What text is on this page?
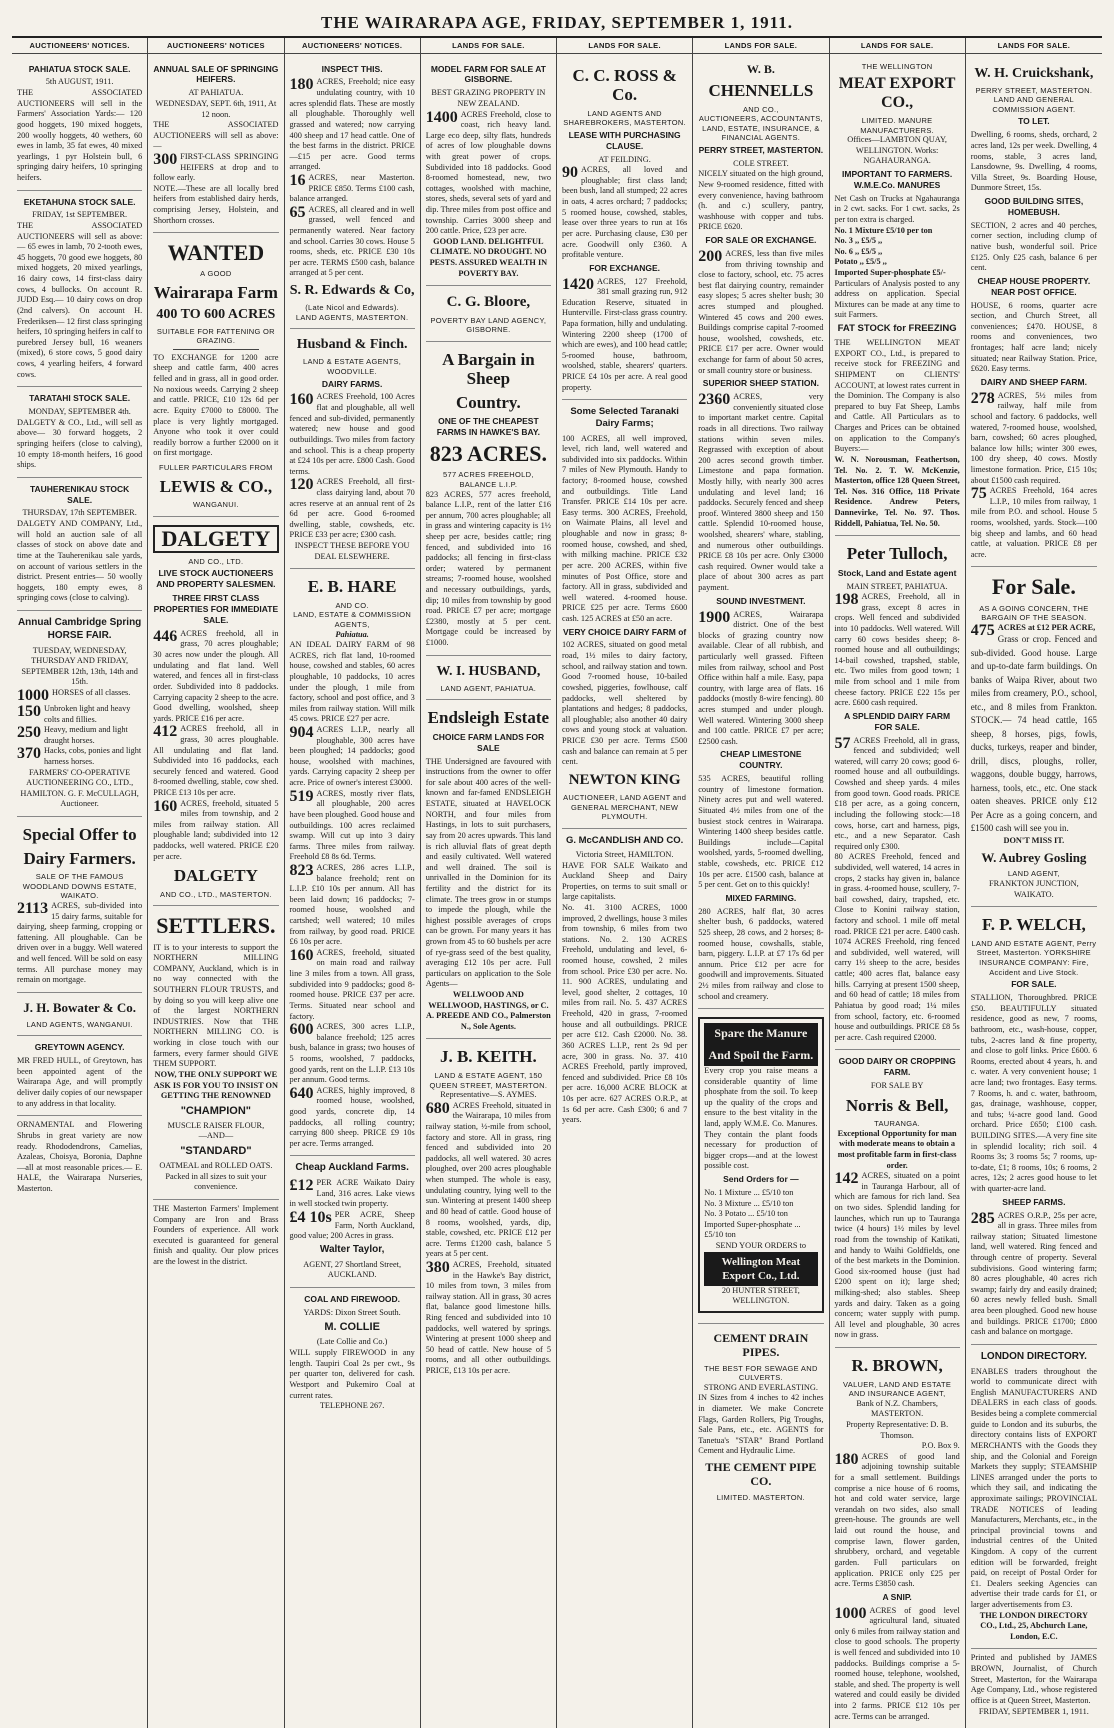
THE WAIRARAPA AGE, FRIDAY, SEPTEMBER 1, 1911.
AUCTIONEERS' NOTICES.
PAHIATUA STOCK SALE.
5th AUGUST, 1911.
THE ASSOCIATED AUCTIONEERS will sell in the Farmers' Association Yards:— 120 good hoggets, 190 mixed hoggets, 200 woolly hoggets, 40 wethers, 60 ewes in lamb, 35 fat ewes, 40 mixed yearlings, 1 pyr Holstein bull, 6 springing dairy heifers, 10 springing heifers.
EKETAHUNA STOCK SALE.
FRIDAY, 1st SEPTEMBER.
THE ASSOCIATED AUCTIONEERS will sell as above:— 65 ewes in lamb, 70 2-tooth ewes, 45 hoggets, 70 good ewe hoggets, 80 mixed hoggets, 20 mixed yearlings, 16 dairy cows, 14 first-class dairy cows, 4 bullocks. On account R. JUDD Esq.— 10 dairy cows on drop (2nd calvers). On account H. Frederiksen— 12 first class springing heifers, 10 springing heifers in calf to purebred Jersey bull, 16 weaners (mixed), 6 store cows, 5 good dairy cows, 4 yearling heifers, 4 forward cows.
TARATAHI STOCK SALE.
MONDAY, SEPTEMBER 4th.
DALGETY & CO., Ltd., will sell as above— 30 forward hoggets, 2 springing heifers (close to calving), 10 empty 18-month heifers, 16 good ships.
TAUHERENIKAU STOCK SALE.
THURSDAY, 17th SEPTEMBER.
DALGETY AND COMPANY, Ltd., will hold an auction sale of all classes of stock on above date and time at the Tauherenikau sale yards, on account of various settlers in the district. Present entries— 50 woolly hoggets, 180 empty ewes, 8 springing cows (close to calving).
Annual Cambridge Spring HORSE FAIR.
TUESDAY, WEDNESDAY, THURSDAY AND FRIDAY, SEPTEMBER 12th, 13th, 14th and 15th.
1000 HORSES of all classes.
150 Unbroken light and heavy colts and fillies.
250 Heavy, medium and light draught horses.
370 Hacks, cobs, ponies and light harness horses.
FARMERS' CO-OPERATIVE AUCTIONEERING CO., LTD., HAMILTON. G. F. McCULLAGH, Auctioneer.
Special Offer to
Dairy Farmers.
SALE OF THE FAMOUS WOODLAND DOWNS ESTATE, WAIKATO.
2113 ACRES, sub-divided into 15 dairy farms, suitable for dairying, sheep farming, cropping or fattening. All ploughable. Can be driven over in a buggy. Well watered and well fenced. Will be sold on easy terms. All purchase money may remain on mortgage.
J. H. Bowater & Co.
LAND AGENTS, WANGANUI.
GREYTOWN AGENCY.
MR FRED HULL, of Greytown, has been appointed agent of the Wairarapa Age, and will promptly deliver daily copies of our newspaper to any address in that locality.
ORNAMENTAL and Flowering Shrubs in great variety are now ready. Rhododendrons, Camelias, Azaleas, Choisya, Boronia, Daphne—all at most reasonable prices.— E. HALE, the Wairarapa Nurseries, Masterton.
AUCTIONEERS' NOTICES
ANNUAL SALE OF SPRINGING HEIFERS.
AT PAHIATUA.
WEDNESDAY, SEPT. 6th, 1911, At 12 noon.
THE ASSOCIATED AUCTIONEERS will sell as above:—
300 FIRST-CLASS SPRINGING HEIFERS at drop and to follow early.
NOTE.—These are all locally bred heifers from established dairy herds, comprising Jersey, Holstein, and Shorthorn crosses.
WANTED
A GOOD
Wairarapa Farm
400 TO 600 ACRES
SUITABLE FOR FATTENING OR GRAZING.
TO EXCHANGE for 1200 acre sheep and cattle farm, 400 acres felled and in grass, all in good order. No noxious weeds. Carrying 2 sheep and cattle. PRICE, £10 12s 6d per acre. Equity £7000 to £8000. The place is very lightly mortgaged. Anyone who took it over could readily borrow a further £2000 on it on first mortgage.
FULLER PARTICULARS FROM
LEWIS & CO.,
WANGANUI.
DALGETY
AND CO., LTD.
LIVE STOCK AUCTIONEERS AND PROPERTY SALESMEN.
THREE FIRST CLASS PROPERTIES FOR IMMEDIATE SALE.
446 ACRES freehold, all in grass, 70 acres ploughable; 30 acres now under the plough. All undulating and flat land. Well watered, and fences all in first-class order. Subdivided into 8 paddocks. Carrying capacity 2 sheep to the acre. Good dwelling, woolshed, sheep yards. PRICE £16 per acre.
412 ACRES freehold, all in grass, 30 acres ploughable. All undulating and flat land. Subdivided into 16 paddocks, each securely fenced and watered. Good 8-roomed dwelling, stable, cow shed. PRICE £13 10s per acre.
160 ACRES, freehold, situated 5 miles from township, and 2 miles from railway station. All ploughable land; subdivided into 12 paddocks, well watered. PRICE £20 per acre.
DALGETY
AND CO., LTD., MASTERTON.
SETTLERS.
IT is to your interests to support the NORTHERN MILLING COMPANY, Auckland, which is in no way connected with the SOUTHERN FLOUR TRUSTS, and by doing so you will keep alive one of the largest NORTHERN INDUSTRIES. Now that THE NORTHERN MILLING CO. is working in close touch with our farmers, every farmer should GIVE THEM SUPPORT.
NOW, THE ONLY SUPPORT WE ASK IS FOR YOU TO INSIST ON GETTING THE RENOWNED
"CHAMPION"
MUSCLE RAISER FLOUR,
—AND—
"STANDARD"
OATMEAL and ROLLED OATS.
Packed in all sizes to suit your convenience.
THE Masterton Farmers' Implement Company are Iron and Brass Founders of experience. All work executed is guaranteed for general finish and quality. Our plow prices are the lowest in the district.
AUCTIONEERS' NOTICES.
INSPECT THIS.
180 ACRES, Freehold; nice easy undulating country, with 10 acres splendid flats. These are mostly all ploughable. Thoroughly well grassed and watered; now carrying 400 sheep and 17 head cattle. One of the best farms in the district. PRICE—£15 per acre. Good terms arranged.
16 ACRES, near Masterton. PRICE £850. Terms £100 cash, balance arranged.
65 ACRES, all cleared and in well grassed, well fenced and permanently watered. Near factory and school. Carries 30 cows. House 5 rooms, sheds, etc. PRICE £30 10s per acre. TERMS £500 cash, balance arranged at 5 per cent.
S. R. Edwards & Co,
(Late Nicol and Edwards).
LAND AGENTS, MASTERTON.
Husband & Finch.
LAND & ESTATE AGENTS, WOODVILLE.
DAIRY FARMS.
160 ACRES Freehold, 100 Acres flat and ploughable, all well fenced and sub-divided, permanently watered; new house and good outbuildings. Two miles from factory and school. This is a cheap property at £24 10s per acre. £800 Cash. Good terms.
120 ACRES Freehold, all first-class dairying land, about 70 acres reserve at an annual rent of 2s 6d per acre. Good 6-roomed dwelling, stable, cowsheds, etc. PRICE £33 per acre; £300 cash.
INSPECT THESE BEFORE YOU DEAL ELSEWHERE.
E. B. HARE
AND CO.
LAND, ESTATE & COMMISSION AGENTS,
Pahiatua.
AN IDEAL DAIRY FARM of 98 ACRES, rich flat land, 10-roomed house, cowshed and stables, 60 acres ploughable, 10 paddocks, 10 acres under the plough, 1 mile from factory, school and post office, and 3 miles from railway station. Will milk 45 cows. PRICE £27 per acre.
904 ACRES L.I.P., nearly all ploughable, 300 acres have been ploughed; 14 paddocks; good house, woolshed with machines, yards. Carrying capacity 2 sheep per acre. Price of owner's interest £3000.
519 ACRES, mostly river flats, all ploughable, 200 acres have been ploughed. Good house and outbuildings. 100 acres reclaimed swamp. Will cut up into 3 dairy farms. Three miles from railway. Freehold £8 8s 6d. Terms.
823 ACRES, 286 acres L.I.P., balance freehold; rent on L.I.P. £10 10s per annum. All has been laid down; 16 paddocks; 7-roomed house, woolshed and cartshed; well watered; 10 miles from railway, by good road. PRICE £6 10s per acre.
160 ACRES, freehold, situated on main road and railway line 3 miles from a town. All grass, subdivided into 9 paddocks; good 8-roomed house. PRICE £37 per acre. Terms. Situated near school and factory.
600 ACRES, 300 acres L.I.P., balance freehold; 125 acres bush, balance in grass; two houses of 5 rooms, woolshed, 7 paddocks, good yards, rent on the L.I.P. £13 10s per annum. Good terms.
640 ACRES, highly improved, 8 roomed house, woolshed, good yards, concrete dip, 14 paddocks, all rolling country; carrying 800 sheep. PRICE £9 10s per acre. Terms arranged.
Cheap Auckland Farms.
£12 PER ACRE Waikato Dairy Land, 316 acres. Lake views in well stocked twin property.
£4 10s PER ACRE, Sheep Farm, North Auckland, good value; 200 Acres in grass.
Walter Taylor,
AGENT, 27 Shortland Street, AUCKLAND.
COAL AND FIREWOOD.
YARDS: Dixon Street South.
M. COLLIE
(Late Collie and Co.)
WILL supply FIREWOOD in any length. Taupiri Coal 2s per cwt., 9s per quarter ton, delivered for cash. Westport and Pukemiro Coal at current rates.
TELEPHONE 267.
LANDS FOR SALE.
MODEL FARM FOR SALE AT GISBORNE.
BEST GRAZING PROPERTY IN NEW ZEALAND.
1400 ACRES Freehold, close to coast, rich heavy land. Large eco deep, silty flats, hundreds of acres of low ploughable downs with great power of crops. Subdivided into 18 paddocks. Good 8-roomed homestead, new, two cottages, woolshed with machine, stores, sheds, several sets of yard and dip. Three miles from post office and township. Carries 3000 sheep and 200 cattle. Price, £23 per acre.
GOOD LAND. DELIGHTFUL CLIMATE. NO DROUGHT. NO PESTS. ASSURED WEALTH IN POVERTY BAY.
C. G. Bloore,
POVERTY BAY LAND AGENCY, GISBORNE.
A Bargain in Sheep
Country.
ONE OF THE CHEAPEST FARMS IN HAWKE'S BAY.
823 ACRES.
577 ACRES FREEHOLD, BALANCE L.I.P.
823 ACRES, 577 acres freehold, balance L.I.P., rent of the latter £16 per annum, 700 acres ploughable; all in grass and wintering capacity is 1½ sheep per acre, besides cattle; ring fenced, and subdivided into 16 paddocks; all fencing in first-class order; watered by permanent streams; 7-roomed house, woolshed and necessary outbuildings, yards, dip; 10 miles from township by good road. PRICE £7 per acre; mortgage £2380, mostly at 5 per cent. Mortgage could be increased by £1000.
W. I. HUSBAND,
LAND AGENT, PAHIATUA.
Endsleigh Estate
CHOICE FARM LANDS FOR SALE
THE Undersigned are favoured with instructions from the owner to offer for sale about 400 acres of the well-known and far-famed ENDSLEIGH ESTATE, situated at HAVELOCK NORTH, and four miles from Hastings, in lots to suit purchasers, say from 20 acres upwards. This land is rich alluvial flats of great depth and easily cultivated. Well watered and well drained. The soil is unrivalled in the Dominion for its fertility and the district for its climate. The trees grow in or stumps to impede the plough, while the highest possible averages of crops can be grown. For many years it has grown from 45 to 60 bushels per acre of rye-grass seed of the best quality, averaging £12 10s per acre. Full particulars on application to the Sole Agents—
WELLWOOD AND WELLWOOD, HASTINGS, or C. A. PREEDE AND CO., Palmerston N., Sole Agents.
J. B. KEITH.
LAND & ESTATE AGENT, 150 QUEEN STREET, MASTERTON.
Representative—S. AYMES.
680 ACRES Freehold, situated in the Wairarapa, 10 miles from railway station, ½-mile from school, factory and store. All in grass, ring fenced and subdivided into 20 paddocks, all well watered. 30 acres ploughed, over 200 acres ploughable when stumped. The whole is easy, undulating country, lying well to the sun. Wintering at present 1400 sheep and 80 head of cattle. Good house of 8 rooms, woolshed, yards, dip, stable, cowshed, etc. PRICE £12 per acre. Terms £1200 cash, balance 5 years at 5 per cent.
380 ACRES, Freehold, situated in the Hawke's Bay district, 10 miles from town, 3 miles from railway station. All in grass, 30 acres flat, balance good limestone hills. Ring fenced and subdivided into 10 paddocks, well watered by springs. Wintering at present 1000 sheep and 50 head of cattle. New house of 5 rooms, and all other outbuildings. PRICE, £13 10s per acre.
LANDS FOR SALE.
C. C. ROSS & Co.
LAND AGENTS AND SHAREBROKERS, MASTERTON.
LEASE WITH PURCHASING CLAUSE.
AT FEILDING.
90 ACRES, all loved and ploughable; first class land; been bush, land all stumped; 22 acres in oats, 4 acres orchard; 7 paddocks; 5 roomed house, cowshed, stables, lease over three years to run at 16s per acre. Purchasing clause, £30 per acre. Goodwill only £360. A profitable venture.
FOR EXCHANGE.
1420 ACRES, 127 Freehold, 381 small grazing run, 912 Education Reserve, situated in Hunterville. First-class grass country. Papa formation, hilly and undulating. Wintering 2200 sheep (1700 of which are ewes), and 100 head cattle; 5-roomed house, bathroom, woolshed, stable, shearers' quarters. PRICE £4 10s per acre. A real good property.
Some Selected Taranaki Dairy Farms;
100 ACRES, all well improved, level, rich land, well watered and subdivided into six paddocks. Within 7 miles of New Plymouth. Handy to factory; 8-roomed house, cowshed and outbuildings. Title Land Transfer. PRICE £14 10s per acre. Easy terms. 300 ACRES, Freehold, on Waimate Plains, all level and ploughable and now in grass; 8-roomed house, cowshed, and shed, with milking machine. PRICE £32 per acre. 200 ACRES, within five minutes of Post Office, store and factory. All in grass, subdivided and well watered. 4-roomed house. PRICE £25 per acre. Terms £600 cash. 125 ACRES at £50 an acre.
VERY CHOICE DAIRY FARM of
102 ACRES, situated on good metal road, 1½ miles to dairy factory, school, and railway station and town. Good 7-roomed house, 10-bailed cowshed, piggeries, fowlhouse, calf paddocks, well sheltered by plantations and hedges; 8 paddocks, all ploughable; also another 40 dairy cows and young stock at valuation. PRICE £30 per acre. Terms £500 cash and balance can remain at 5 per cent.
NEWTON KING
AUCTIONEER, LAND AGENT and GENERAL MERCHANT, NEW PLYMOUTH.
G. McCANDLISH AND CO.
Victoria Street, HAMILTON.
HAVE FOR SALE Waikato and Auckland Sheep and Dairy Properties, on terms to suit small or large capitalists.
No. 41. 3100 ACRES, 1000 improved, 2 dwellings, house 3 miles from township, 6 miles from two stations. No. 2. 130 ACRES Freehold, undulating and level, 6-roomed house, cowshed, 2 miles from school. Price £30 per acre. No. 11. 900 ACRES, undulating and level, good shelter, 2 cottages, 10 miles from rail. No. 5. 437 ACRES Freehold, 420 in grass, 7-roomed house and all outbuildings. PRICE per acre £12. Cash £2000. No. 38. 360 ACRES L.I.P., rent 2s 9d per acre, 300 in grass. No. 37. 410 ACRES Freehold, partly improved, fenced and subdivided. Price £8 10s per acre. 16,000 ACRE BLOCK at 10s per acre. 627 ACRES O.R.P., at 1s 6d per acre. Cash £300; 6 and 7 years.
LANDS FOR SALE.
W. B.
CHENNELLS
AND CO.,
AUCTIONEERS, ACCOUNTANTS, LAND, ESTATE, INSURANCE, & FINANCIAL AGENTS.
PERRY STREET, MASTERTON.
COLE STREET.
NICELY situated on the high ground, New 9-roomed residence, fitted with every convenience, having bathroom (h. and c.) scullery, pantry, washhouse with copper and tubs. PRICE £620.
FOR SALE OR EXCHANGE.
200 ACRES, less than five miles from thriving township and close to factory, school, etc. 75 acres best flat dairying country, remainder easy slopes; 5 acres shelter bush; 30 acres stumped and ploughed. Wintered 45 cows and 200 ewes. Buildings comprise capital 7-roomed house, woolshed, cowsheds, etc. PRICE £17 per acre. Owner would exchange for farm of about 50 acres, or small country store or business.
SUPERIOR SHEEP STATION.
2360 ACRES, very conveniently situated close to important market centre. Capital roads in all directions. Two railway stations within seven miles. Regrassed with exception of about 200 acres second growth timber. Limestone and papa formation. Mostly hilly, with nearly 300 acres undulating and level land; 16 paddocks. Securely fenced and sheep proof. Wintered 3800 sheep and 150 cattle. Splendid 10-roomed house, woolshed, shearers' whare, stabling, and numerous other outbuildings. PRICE £8 10s per acre. Only £3000 cash required. Owner would take a place of about 300 acres as part payment.
SOUND INVESTMENT.
1900 ACRES, Wairarapa district. One of the best blocks of grazing country now available. Clear of all rubbish, and particularly well grassed. Fifteen miles from railway, school and Post Office within half a mile. Easy, papa country, with large area of flats. 16 paddocks (mostly 8-wire fencing). 80 acres stumped and under plough. Well watered. Wintering 3000 sheep and 100 cattle. PRICE £7 per acre; £2500 cash.
CHEAP LIMESTONE COUNTRY.
535 ACRES, beautiful rolling country of limestone formation. Ninety acres put and well watered. Situated 4½ miles from one of the busiest stock centres in Wairarapa. Wintering 1400 sheep besides cattle. Buildings include—Capital woolshed, yards, 5-roomed dwelling, stable, cowsheds, etc. PRICE £12 10s per acre. £1500 cash, balance at 5 per cent. Get on to this quickly!
MIXED FARMING.
280 ACRES, half flat, 30 acres shelter bush, 6 paddocks, watered 525 sheep, 28 cows, and 2 horses; 8-roomed house, cowshalls, stable, barn, piggery. L.I.P. at £7 17s 6d per annum. Price £12 per acre for goodwill and improvements. Situated 2½ miles from railway and close to school and creamery.
Spare the Manure
And Spoil the Farm.
Every crop you raise means a considerable quantity of lime phosphate from the soil. To keep up the quality of the crops and ensure to the best vitality in the land, apply W.M.E. Co. Manures. They contain the plant foods necessary for production of bigger crops—and at the lowest possible cost.
Send Orders for —
No. 1 Mixture ... £5/10 ton
No. 3 Mixture ... £5/10 ton
No. 3 Potato ... £5/10 ton
Imported Super-phosphate ... £5/10 ton
SEND YOUR ORDERS to
Wellington Meat Export Co., Ltd.
20 HUNTER STREET, WELLINGTON.
CEMENT DRAIN PIPES.
THE BEST FOR SEWAGE AND CULVERTS.
STRONG AND EVERLASTING.
IN Sizes from 4 inches to 42 inches in diameter. We make Concrete Flags, Garden Rollers, Pig Troughs, Sale Pans, etc., etc. AGENTS for Tanetua's "STAR" Brand Portland Cement and Hydraulic Lime.
THE CEMENT PIPE CO.
LIMITED. MASTERTON.
LANDS FOR SALE.
THE WELLINGTON
MEAT EXPORT CO.,
LIMITED. MANURE MANUFACTURERS.
Offices—LAMBTON QUAY, WELLINGTON. Works: NGAHAURANGA.
IMPORTANT TO FARMERS. W.M.E.Co. MANURES
Net Cash on Trucks at Ngahauranga in 2 cwt. sacks. For 1 cwt. sacks, 2s per ton extra is charged.
No. 1 Mixture £5/10 per ton
No. 3 ,, £5/5 ,,
No. 6 ,, £5/5 ,,
Potato ,, £5/5 ,,
Imported Super-phosphate £5/-
Particulars of Analysis posted to any address on application. Special Mixtures can be made at any time to suit Farmers.
FAT STOCK for FREEZING
THE WELLINGTON MEAT EXPORT CO., Ltd., is prepared to receive stock for FREEZING and SHIPMENT on CLIENTS' ACCOUNT, at lowest rates current in the Dominion. The Company is also prepared to buy Fat Sheep, Lambs and Cattle. All Particulars as to Charges and Prices can be obtained on application to the Company's Buyers:—
W. N. Norousman, Feathertson, Tel. No. 2. T. W. McKenzie, Masterton, office 128 Queen Street, Tel. Nos. 316 Office, 118 Private Residence. Andrew Peters, Dannevirke, Tel. No. 97. Thos. Riddell, Pahiatua, Tel. No. 50.
Peter Tulloch,
Stock, Land and Estate agent
MAIN STREET, PAHIATUA.
198 ACRES, Freehold, all in grass, except 8 acres in crops. Well fenced and subdivided into 10 paddocks. Well watered. Will carry 60 cows besides sheep; 8-roomed house and all outbuildings; 14-bail cowshed, trapshed, stable, etc. Two miles from good town; 1 mile from school and 1 mile from cheese factory. PRICE £22 15s per acre. £600 cash required.
A SPLENDID DAIRY FARM FOR SALE.
57 ACRES Freehold, all in grass, fenced and subdivided; well watered, will carry 20 cows; good 6-roomed house and all outbuildings. Cowshed and sheep yards. 4 miles from good town. Good roads. PRICE £18 per acre, as a going concern, including the following stock:—18 cows, horse, cart and harness, pigs, etc., and a new Separator. Cash required only £300.
80 ACRES Freehold, fenced and subdivided, well watered, 14 acres in crops, 2 stacks hay given in, balance in grass. 4-roomed house, scullery, 7-bail cowshed, dairy, trapshed, etc. Close to Konini railway station, factory and school. 1 mile off metal road. PRICE £21 per acre. £400 cash.
1074 ACRES Freehold, ring fenced and subdivided, well watered, will carry 1½ sheep to the acre, besides cattle; 400 acres flat, balance easy hills. Carrying at present 1500 sheep, and 60 head of cattle; 18 miles from Pahiatua by good road; 1¼ miles from school, factory, etc. 6-roomed house and outbuildings. PRICE £8 5s per acre. Cash required £2000.
GOOD DAIRY OR CROPPING FARM.
FOR SALE BY
Norris & Bell,
TAURANGA.
Exceptional Opportunity for man with moderate means to obtain a most profitable farm in first-class order.
142 ACRES, situated on a point in Tauranga Harbour, all of which are famous for rich land. Sea on two sides. Splendid landing for launches, which run up to Tauranga twice (4 hours) 1½ miles by level road from the township of Katikati, and handy to Waihi Goldfields, one of the best markets in the Dominion. Good six-roomed house (just had £200 spent on it); large shed; milking-shed; also stables. Sheep yards and dairy. Taken as a going concern; water supply with pump. All level and ploughable, 30 acres now in grass.
R. BROWN,
VALUER, LAND AND ESTATE AND INSURANCE AGENT,
Bank of N.Z. Chambers, MASTERTON.
Property Representative: D. B. Thomson.
P.O. Box 9.
180 ACRES of good land adjoining township suitable for a small settlement. Buildings comprise a nice house of 6 rooms, hot and cold water service, large verandah on two sides, also small green-house. The grounds are well laid out round the house, and comprise lawn, flower garden, shrubbery, orchard, and vegetable garden. Full particulars on application. PRICE only £25 per acre. Terms £3850 cash.
A SNIP.
1000 ACRES of good level agricultural land, situated only 6 miles from railway station and close to good schools. The property is well fenced and subdivided into 10 paddocks. Buildings comprise a 5-roomed house, telephone, woolshed, stable, and shed. The property is well watered and could easily be divided into 2 farms. PRICE £12 10s per acre. Terms can be arranged.
LANDS FOR SALE.
W. H. Cruickshank,
PERRY STREET, MASTERTON. LAND AND GENERAL COMMISSION AGENT.
TO LET.
Dwelling, 6 rooms, sheds, orchard, 2 acres land, 12s per week. Dwelling, 4 rooms, stable, 3 acres land, Lansdowne, 9s. Dwelling, 4 rooms, Villa Street, 9s. Boarding House, Dunmore Street, 15s.
GOOD BUILDING SITES, HOMEBUSH.
SECTION, 2 acres and 40 perches, corner section, including clump of native bush, wonderful soil. Price £125. Only £25 cash, balance 6 per cent.
CHEAP HOUSE PROPERTY. NEAR POST OFFICE.
HOUSE, 6 rooms, quarter acre section, and Church Street, all conveniences; £470. HOUSE, 8 rooms and conveniences, two frontages; half acre land; nicely situated; near Railway Station. Price, £620. Easy terms.
DAIRY AND SHEEP FARM.
278 ACRES, 5½ miles from railway, half mile from school and factory. 6 paddocks, well watered, 7-roomed house, woolshed, barn, cowshed; 60 acres ploughed, balance low hills; winter 300 ewes, 100 dry sheep, 40 cows. Mostly limestone formation. Price, £15 10s; about £1500 cash required.
75 ACRES Freehold, 164 acres L.I.P., 10 miles from railway, 1 mile from P.O. and school. House 5 rooms, woolshed, yards. Stock—100 big sheep and lambs, and 60 head cattle, at valuation. PRICE £8 per acre.
For Sale.
AS A GOING CONCERN, THE BARGAIN OF THE SEASON.
475 ACRES at £12 PER ACRE,
Grass or crop. Fenced and sub-divided. Good house. Large and up-to-date farm buildings. On banks of Waipa River, about two miles from creamery, P.O., school, etc., and 8 miles from Frankton. STOCK.— 74 head cattle, 165 sheep, 8 horses, pigs, fowls, ducks, turkeys, reaper and binder, drill, discs, ploughs, roller, waggons, double buggy, harrows, harness, tools, etc., etc. One stack oaten sheaves. PRICE only £12 Per Acre as a going concern, and £1500 cash will see you in.
DON'T MISS IT.
W. Aubrey Gosling
LAND AGENT,
FRANKTON JUNCTION, WAIKATO.
F. P. WELCH,
LAND AND ESTATE AGENT, Perry Street, Masterton. YORKSHIRE INSURANCE COMPANY: Fire, Accident and Live Stock.
FOR SALE.
STALLION, Thoroughbred. PRICE £50. BEAUTIFULLY situated residence, good as new, 7 rooms, bathroom, etc., wash-house, copper, tubs, 2-acres land & fine property, and close to golf links. Price £600. 6 Rooms, erected about 4 years, h. and c. water. A very convenient house; 1 acre land; two frontages. Easy terms. 7 Rooms, h. and c. water, bathroom, gas, drainage, washhouse, copper, and tubs; ¼-acre good land. Good orchard. Price £650; £100 cash. BUILDING SITES.—A very fine site in splendid locality; rich soil. 4 Rooms 3s; 3 rooms 5s; 7 rooms, up-to-date, £1; 8 rooms, 10s; 6 rooms, 2 acres, 12s; 2 acres good house to let with quarter-acre land.
SHEEP FARMS.
285 ACRES O.R.P., 25s per acre, all in grass. Three miles from railway station; Situated limestone land, well watered. Ring fenced and through centre of property. Several subdivisions. Good wintering farm; 80 acres ploughable, 40 acres rich swamp; fairly dry and easily drained; 60 acres newly felled bush. Small area been ploughed. Good new house and buildings. PRICE £1700; £800 cash and balance on mortgage.
LONDON DIRECTORY.
ENABLES traders throughout the world to communicate direct with English MANUFACTURERS AND DEALERS in each class of goods. Besides being a complete commercial guide to London and its suburbs, the directory contains lists of EXPORT MERCHANTS with the Goods they ship, and the Colonial and Foreign Markets they supply; STEAMSHIP LINES arranged under the ports to which they sail, and indicating the approximate sailings; PROVINCIAL TRADE NOTICES of leading Manufacturers, Merchants, etc., in the principal provincial towns and industrial centres of the United Kingdom. A copy of the current edition will be forwarded, freight paid, on receipt of Postal Order for £1. Dealers seeking Agencies can advertise their trade cards for £1, or larger advertisements from £3.
THE LONDON DIRECTORY CO., Ltd., 25, Abchurch Lane, London, E.C.
Printed and published by JAMES BROWN, Journalist, of Church Street, Masterton, for the Wairarapa Age Company, Ltd., whose registered office is at Queen Street, Masterton.
FRIDAY, SEPTEMBER 1, 1911.
